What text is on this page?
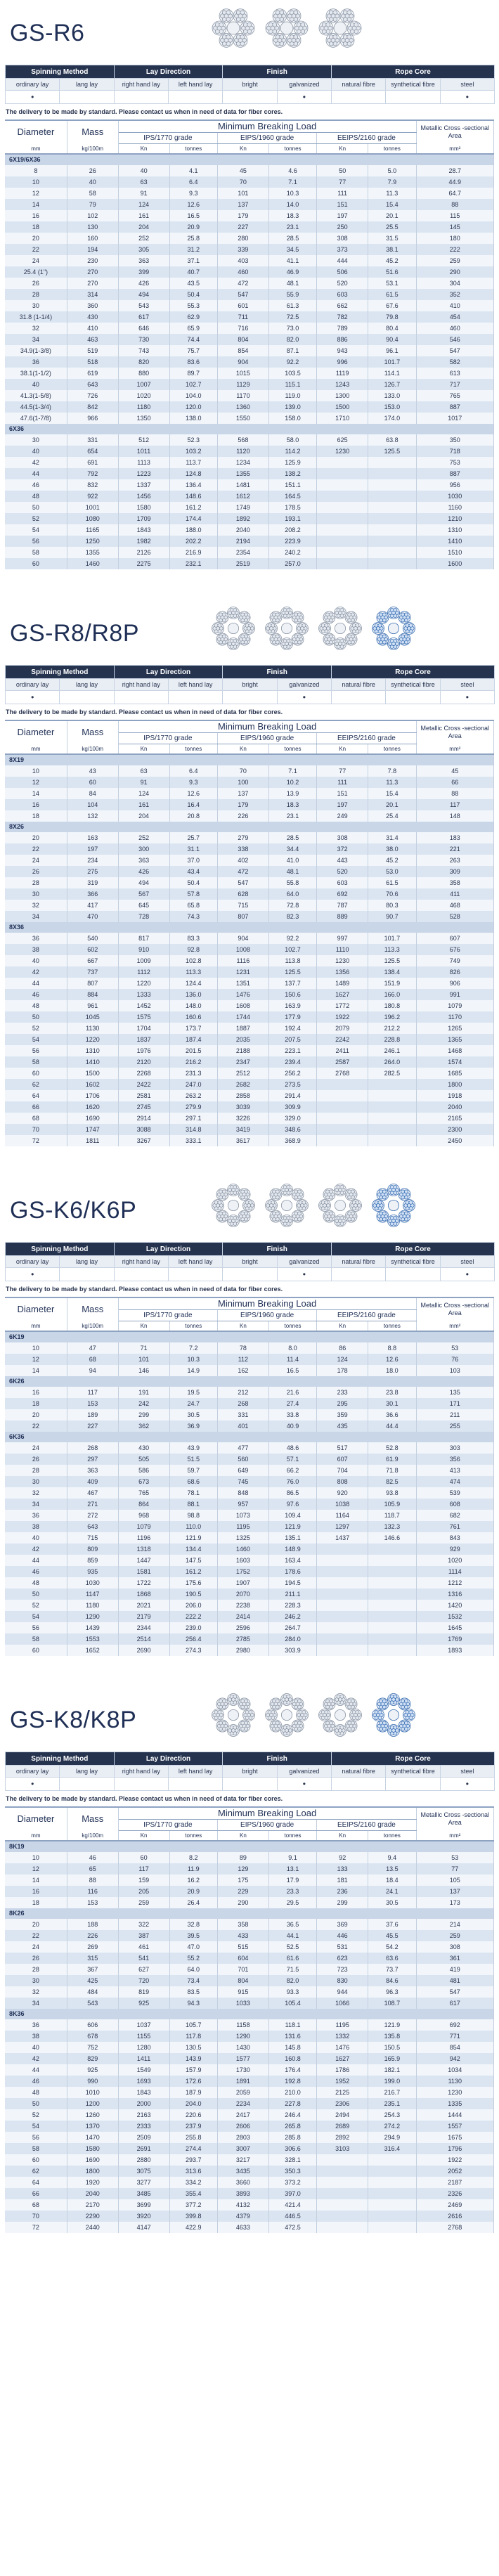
GS-R6
Spinning Method		Lay Direction		Finish		Rope Core		
ordinary lay	lang lay	right hand lay	left hand lay	bright	galvanized	natural fibre	synthetical fibre	steel
•					•			•
The delivery to be made by standard. Please contact us when in need of data for fiber cores.
Diameter	Mass	Minimum Breaking Load						Metallic Cross -sectional Area
		IPS/1770 grade		EIPS/1960 grade		EEIPS/2160 grade		
mm	kg/100m	Kn	tonnes	Kn	tonnes	Kn	tonnes	mm²
6X19/6X36								
8	26	40	4.1	45	4.6	50	5.0	28.7
10	40	63	6.4	70	7.1	77	7.9	44.9
12	58	91	9.3	101	10.3	111	11.3	64.7
14	79	124	12.6	137	14.0	151	15.4	88
16	102	161	16.5	179	18.3	197	20.1	115
18	130	204	20.9	227	23.1	250	25.5	145
20	160	252	25.8	280	28.5	308	31.5	180
22	194	305	31.2	339	34.5	373	38.1	222
24	230	363	37.1	403	41.1	444	45.2	259
25.4 (1")	270	399	40.7	460	46.9	506	51.6	290
26	270	426	43.5	472	48.1	520	53.1	304
28	314	494	50.4	547	55.9	603	61.5	352
30	360	543	55.3	601	61.3	662	67.6	410
31.8 (1-1/4)	430	617	62.9	711	72.5	782	79.8	454
32	410	646	65.9	716	73.0	789	80.4	460
34	463	730	74.4	804	82.0	886	90.4	546
34.9(1-3/8)	519	743	75.7	854	87.1	943	96.1	547
36	518	820	83.6	904	92.2	996	101.7	582
38.1(1-1/2)	619	880	89.7	1015	103.5	1119	114.1	613
40	643	1007	102.7	1129	115.1	1243	126.7	717
41.3(1-5/8)	726	1020	104.0	1170	119.0	1300	133.0	765
44.5(1-3/4)	842	1180	120.0	1360	139.0	1500	153.0	887
47.6(1-7/8)	966	1350	138.0	1550	158.0	1710	174.0	1017
6X36								
30	331	512	52.3	568	58.0	625	63.8	350
40	654	1011	103.2	1120	114.2	1230	125.5	718
42	691	1113	113.7	1234	125.9			753
44	792	1223	124.8	1355	138.2			887
46	832	1337	136.4	1481	151.1			956
48	922	1456	148.6	1612	164.5			1030
50	1001	1580	161.2	1749	178.5			1160
52	1080	1709	174.4	1892	193.1			1210
54	1165	1843	188.0	2040	208.2			1310
56	1250	1982	202.2	2194	223.9			1410
58	1355	2126	216.9	2354	240.2			1510
60	1460	2275	232.1	2519	257.0			1600
GS-R8/R8P
Spinning Method		Lay Direction		Finish		Rope Core		
ordinary lay	lang lay	right hand lay	left hand lay	bright	galvanized	natural fibre	synthetical fibre	steel
•					•			•
The delivery to be made by standard. Please contact us when in need of data for fiber cores.
Diameter	Mass	Minimum Breaking Load						Metallic Cross -sectional Area
		IPS/1770 grade		EIPS/1960 grade		EEIPS/2160 grade		
mm	kg/100m	Kn	tonnes	Kn	tonnes	Kn	tonnes	mm²
8X19								
10	43	63	6.4	70	7.1	77	7.8	45
12	60	91	9.3	100	10.2	111	11.3	66
14	84	124	12.6	137	13.9	151	15.4	88
16	104	161	16.4	179	18.3	197	20.1	117
18	132	204	20.8	226	23.1	249	25.4	148
8X26								
20	163	252	25.7	279	28.5	308	31.4	183
22	197	300	31.1	338	34.4	372	38.0	221
24	234	363	37.0	402	41.0	443	45.2	263
26	275	426	43.4	472	48.1	520	53.0	309
28	319	494	50.4	547	55.8	603	61.5	358
30	366	567	57.8	628	64.0	692	70.6	411
32	417	645	65.8	715	72.8	787	80.3	468
34	470	728	74.3	807	82.3	889	90.7	528
8X36								
36	540	817	83.3	904	92.2	997	101.7	607
38	602	910	92.8	1008	102.7	1110	113.3	676
40	667	1009	102.8	1116	113.8	1230	125.5	749
42	737	1112	113.3	1231	125.5	1356	138.4	826
44	807	1220	124.4	1351	137.7	1489	151.9	906
46	884	1333	136.0	1476	150.6	1627	166.0	991
48	961	1452	148.0	1608	163.9	1772	180.8	1079
50	1045	1575	160.6	1744	177.9	1922	196.2	1170
52	1130	1704	173.7	1887	192.4	2079	212.2	1265
54	1220	1837	187.4	2035	207.5	2242	228.8	1365
56	1310	1976	201.5	2188	223.1	2411	246.1	1468
58	1410	2120	216.2	2347	239.4	2587	264.0	1574
60	1500	2268	231.3	2512	256.2	2768	282.5	1685
62	1602	2422	247.0	2682	273.5			1800
64	1706	2581	263.2	2858	291.4			1918
66	1620	2745	279.9	3039	309.9			2040
68	1690	2914	297.1	3226	329.0			2165
70	1747	3088	314.8	3419	348.6			2300
72	1811	3267	333.1	3617	368.9			2450
GS-K6/K6P
Spinning Method		Lay Direction		Finish		Rope Core		
ordinary lay	lang lay	right hand lay	left hand lay	bright	galvanized	natural fibre	synthetical fibre	steel
•					•			•
The delivery to be made by standard. Please contact us when in need of data for fiber cores.
Diameter	Mass	Minimum Breaking Load						Metallic Cross -sectional Area
		IPS/1770 grade		EIPS/1960 grade		EEIPS/2160 grade		
mm	kg/100m	Kn	tonnes	Kn	tonnes	Kn	tonnes	mm²
6K19								
10	47	71	7.2	78	8.0	86	8.8	53
12	68	101	10.3	112	11.4	124	12.6	76
14	94	146	14.9	162	16.5	178	18.0	103
6K26								
16	117	191	19.5	212	21.6	233	23.8	135
18	153	242	24.7	268	27.4	295	30.1	171
20	189	299	30.5	331	33.8	359	36.6	211
22	227	362	36.9	401	40.9	435	44.4	255
6K36								
24	268	430	43.9	477	48.6	517	52.8	303
26	297	505	51.5	560	57.1	607	61.9	356
28	363	586	59.7	649	66.2	704	71.8	413
30	409	673	68.6	745	76.0	808	82.5	474
32	467	765	78.1	848	86.5	920	93.8	539
34	271	864	88.1	957	97.6	1038	105.9	608
36	272	968	98.8	1073	109.4	1164	118.7	682
38	643	1079	110.0	1195	121.9	1297	132.3	761
40	715	1196	121.9	1325	135.1	1437	146.6	843
42	809	1318	134.4	1460	148.9			929
44	859	1447	147.5	1603	163.4			1020
46	935	1581	161.2	1752	178.6			1114
48	1030	1722	175.6	1907	194.5			1212
50	1147	1868	190.5	2070	211.1			1316
52	1180	2021	206.0	2238	228.3			1420
54	1290	2179	222.2	2414	246.2			1532
56	1439	2344	239.0	2596	264.7			1645
58	1553	2514	256.4	2785	284.0			1769
60	1652	2690	274.3	2980	303.9			1893
GS-K8/K8P
Spinning Method		Lay Direction		Finish		Rope Core		
ordinary lay	lang lay	right hand lay	left hand lay	bright	galvanized	natural fibre	synthetical fibre	steel
•					•			•
The delivery to be made by standard. Please contact us when in need of data for fiber cores.
Diameter	Mass	Minimum Breaking Load						Metallic Cross -sectional Area
		IPS/1770 grade		EIPS/1960 grade		EEIPS/2160 grade		
mm	kg/100m	Kn	tonnes	Kn	tonnes	Kn	tonnes	mm²
8K19								
10	46	60	8.2	89	9.1	92	9.4	53
12	65	117	11.9	129	13.1	133	13.5	77
14	88	159	16.2	175	17.9	181	18.4	105
16	116	205	20.9	229	23.3	236	24.1	137
18	153	259	26.4	290	29.5	299	30.5	173
8K26								
20	188	322	32.8	358	36.5	369	37.6	214
22	226	387	39.5	433	44.1	446	45.5	259
24	269	461	47.0	515	52.5	531	54.2	308
26	315	541	55.2	604	61.6	623	63.6	361
28	367	627	64.0	701	71.5	723	73.7	419
30	425	720	73.4	804	82.0	830	84.6	481
32	484	819	83.5	915	93.3	944	96.3	547
34	543	925	94.3	1033	105.4	1066	108.7	617
8K36								
36	606	1037	105.7	1158	118.1	1195	121.9	692
38	678	1155	117.8	1290	131.6	1332	135.8	771
40	752	1280	130.5	1430	145.8	1476	150.5	854
42	829	1411	143.9	1577	160.8	1627	165.9	942
44	925	1549	157.9	1730	176.4	1786	182.1	1034
46	990	1693	172.6	1891	192.8	1952	199.0	1130
48	1010	1843	187.9	2059	210.0	2125	216.7	1230
50	1200	2000	204.0	2234	227.8	2306	235.1	1335
52	1260	2163	220.6	2417	246.4	2494	254.3	1444
54	1370	2333	237.9	2606	265.8	2689	274.2	1557
56	1470	2509	255.8	2803	285.8	2892	294.9	1675
58	1580	2691	274.4	3007	306.6	3103	316.4	1796
60	1690	2880	293.7	3217	328.1			1922
62	1800	3075	313.6	3435	350.3			2052
64	1920	3277	334.2	3660	373.2			2187
66	2040	3485	355.4	3893	397.0			2326
68	2170	3699	377.2	4132	421.4			2469
70	2290	3920	399.8	4379	446.5			2616
72	2440	4147	422.9	4633	472.5			2768
